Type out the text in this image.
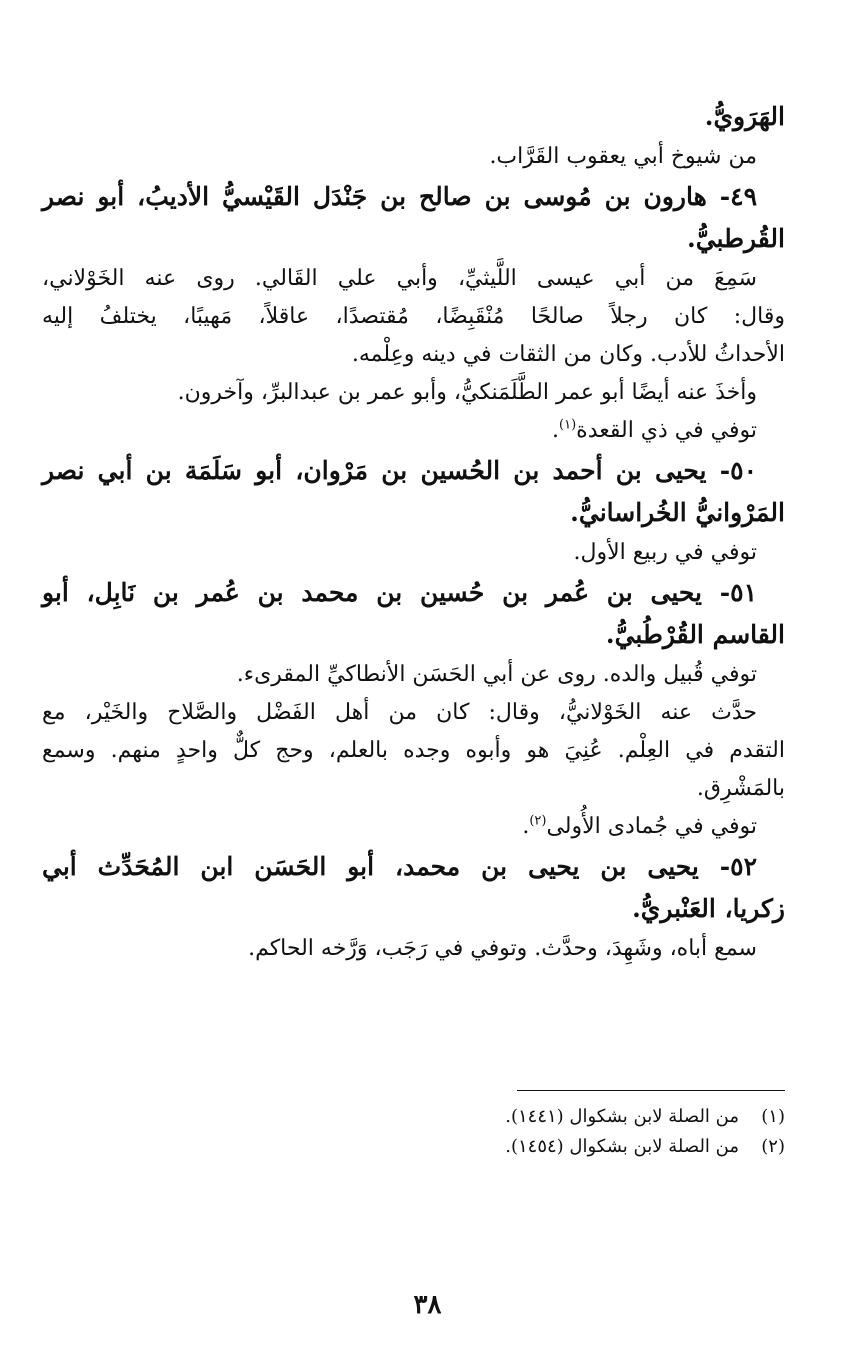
الهَرَويُّ.
من شيوخ أبي يعقوب القَرَّاب.
٤٩- هارون بن مُوسى بن صالح بن جَنْدَل القَيْسيُّ الأديبُ، أبو نصر
القُرطبيُّ.
سَمِعَ من أبي عيسى اللَّيثيِّ، وأبي علي القَالي. روى عنه الخَوْلاني،
وقال: كان رجلاً صالحًا مُنْقَبِضًا، مُقتصدًا، عاقلاً، مَهيبًا، يختلفُ إليه
الأحداثُ للأدب. وكان من الثقات في دينه وعِلْمه.
وأخذَ عنه أيضًا أبو عمر الطَّلَمَنكيُّ، وأبو عمر بن عبدالبرِّ، وآخرون.
توفي في ذي القعدة$^{(١)}$.
٥٠- يحيى بن أحمد بن الحُسين بن مَرْوان، أبو سَلَمَة بن أبي نصر
المَرْوانيُّ الخُراسانيُّ.
توفي في ربيع الأول.
٥١- يحيى بن عُمر بن حُسين بن محمد بن عُمر بن نَابِل، أبو
القاسم القُرْطُبيُّ.
توفي قُبيل والده. روى عن أبي الحَسَن الأنطاكيِّ المقرىء.
حدَّث عنه الخَوْلانيُّ، وقال: كان من أهل الفَضْل والصَّلاح والخَيْر، مع
التقدم في العِلْم. عُنِيَ هو وأبوه وجده بالعلم، وحج كلٌّ واحدٍ منهم. وسمع
بالمَشْرِق.
توفي في جُمادى الأُولى$^{(٢)}$.
٥٢- يحيى بن يحيى بن محمد، أبو الحَسَن ابن المُحَدِّث أبي
زكريا، العَنْبريُّ.
سمع أباه، وشَهِدَ، وحدَّث. وتوفي في رَجَب، وَرَّخه الحاكم.
(١)من الصلة لابن بشكوال (١٤٤١).
(٢)من الصلة لابن بشكوال (١٤٥٤).
٣٨
